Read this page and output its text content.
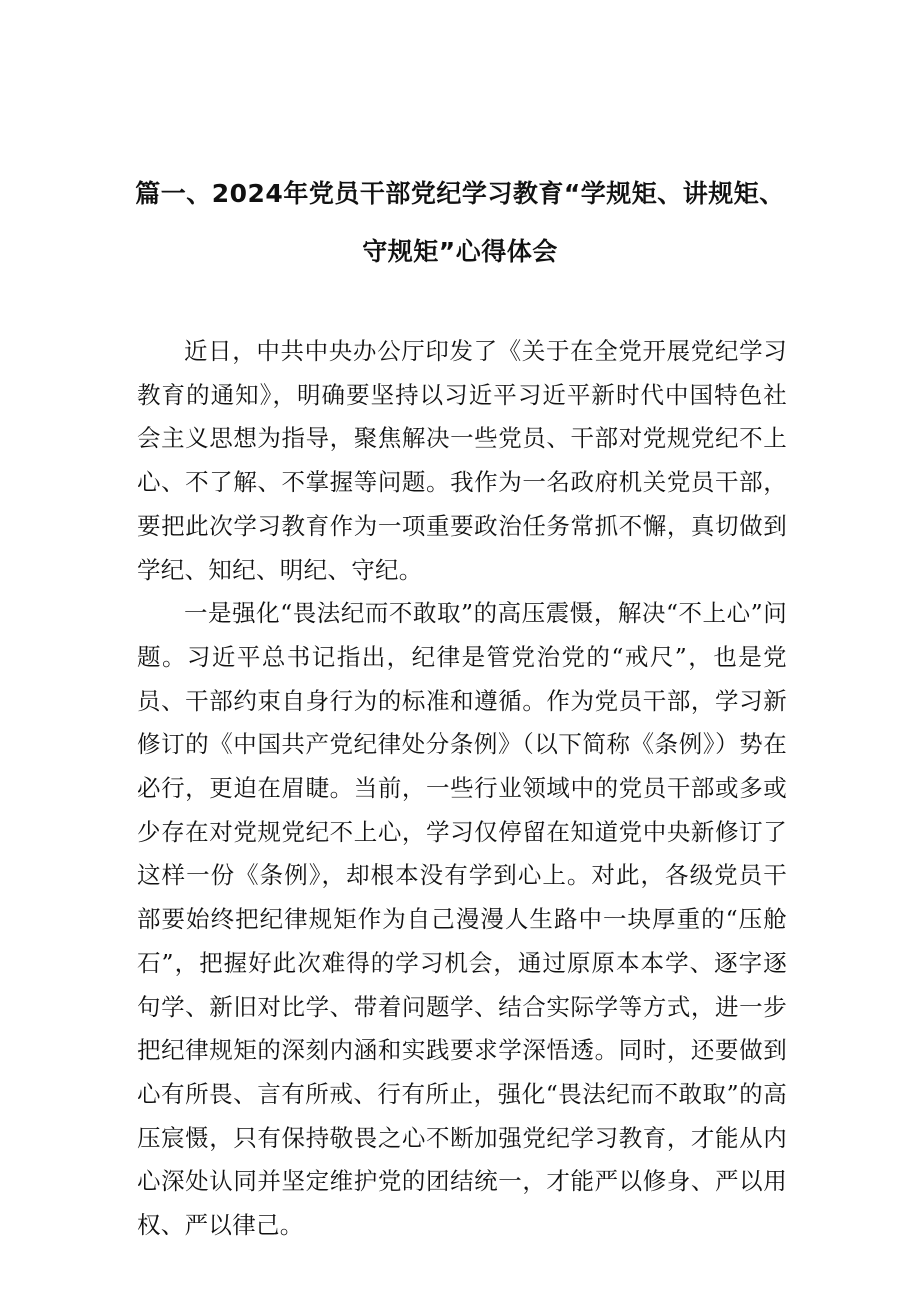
篇一、2024年党员干部党纪学习教育“学规矩、讲规矩、
守规矩”心得体会

近日，中共中央办公厅印发了《关于在全党开展党纪学习教育的通知》，明确要坚持以习近平习近平新时代中国特色社会主义思想为指导，聚焦解决一些党员、干部对党规党纪不上心、不了解、不掌握等问题。我作为一名政府机关党员干部，要把此次学习教育作为一项重要政治任务常抓不懈，真切做到学纪、知纪、明纪、守纪。

一是强化“畏法纪而不敢取”的高压震慑，解决“不上心”问题。习近平总书记指出，纪律是管党治党的“戒尺”，也是党员、干部约束自身行为的标准和遵循。作为党员干部，学习新修订的《中国共产党纪律处分条例》（以下简称《条例》）势在必行，更迫在眉睫。当前，一些行业领域中的党员干部或多或少存在对党规党纪不上心，学习仅停留在知道党中央新修订了这样一份《条例》，却根本没有学到心上。对此，各级党员干部要始终把纪律规矩作为自己漫漫人生路中一块厚重的“压舱石”，把握好此次难得的学习机会，通过原原本本学、逐字逐句学、新旧对比学、带着问题学、结合实际学等方式，进一步把纪律规矩的深刻内涵和实践要求学深悟透。同时，还要做到心有所畏、言有所戒、行有所止，强化“畏法纪而不敢取”的高压宸慑，只有保持敬畏之心不断加强党纪学习教育，才能从内心深处认同并坚定维护党的团结统一，才能严以修身、严以用权、严以律己。
